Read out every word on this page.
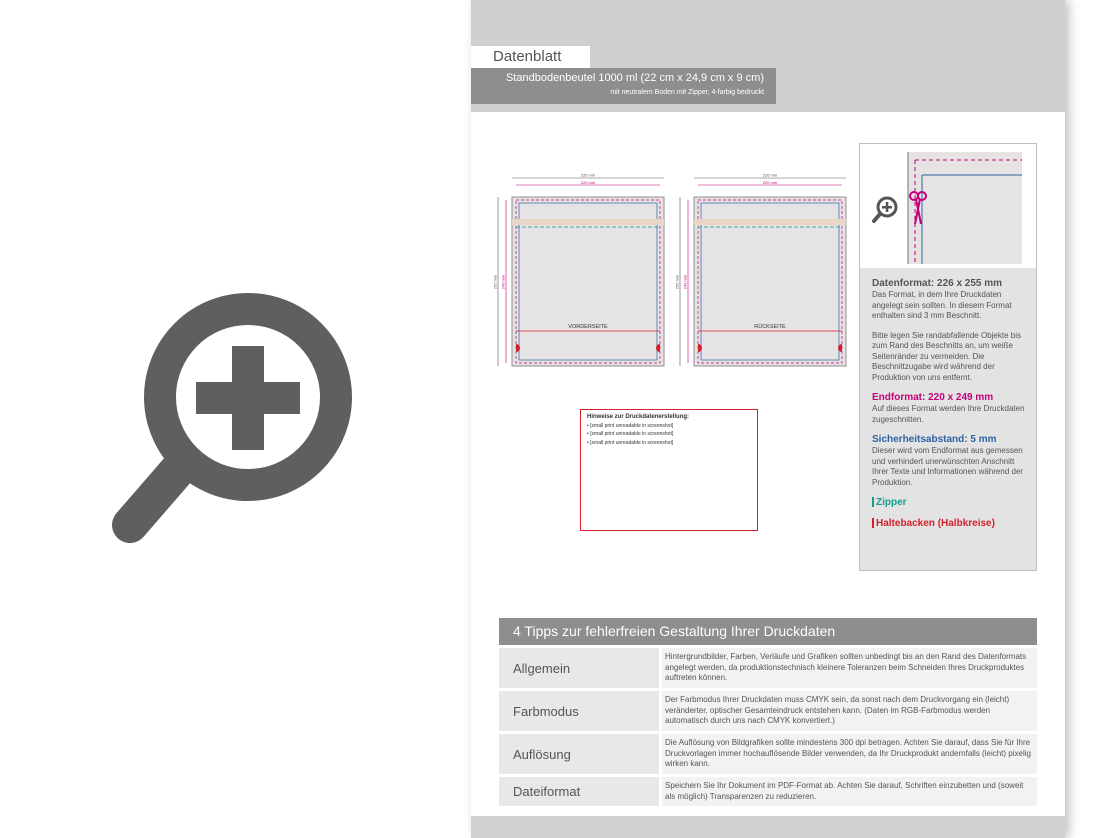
Datenblatt
Standbodenbeutel 1000 ml (22 cm x 24,9 cm x 9 cm)
mit neutralem Boden mit Zipper, 4-farbig bedruckt
226 mm
220 mm
255 mm 249 mm
VORDERSEITE
226 mm
220 mm
255 mm 249 mm
RÜCKSEITE
Hinweise zur Druckdatenerstellung:

• [small print unreadable in screenshot]

• [small print unreadable in screenshot]

• [small print unreadable in screenshot]

Datenformat: 226 x 255 mm
Das Format, in dem Ihre Druckdaten angelegt sein sollten. In diesem Format enthalten sind 3 mm Beschnitt.
Bitte legen Sie randabfallende Objekte bis zum Rand des Beschnitts an, um weiße Seitenränder zu vermeiden. Die Beschnittzugabe wird während der Produktion von uns entfernt.
Endformat: 220 x 249 mm
Auf dieses Format werden Ihre Druckdaten zugeschnitten.
Sicherheitsabstand: 5 mm
Dieser wird vom Endformat aus gemessen und verhindert unerwünschten Anschnitt Ihrer Texte und Informationen während der Produktion.
Zipper
Haltebacken (Halbkreise)
4 Tipps zur fehlerfreien Gestaltung Ihrer Druckdaten
Allgemein
Hintergrundbilder, Farben, Verläufe und Grafiken sollten unbedingt bis an den Rand des Datenformats angelegt werden, da produktionstechnisch kleinere Toleranzen beim Schneiden Ihres Druckproduktes auftreten können.
Farbmodus
Der Farbmodus Ihrer Druckdaten muss CMYK sein, da sonst nach dem Druckvorgang ein (leicht) veränderter, optischer Gesamteindruck entstehen kann. (Daten im RGB-Farbmodus werden automatisch durch uns nach CMYK konvertiert.)
Auflösung
Die Auflösung von Bildgrafiken sollte mindestens 300 dpi betragen. Achten Sie darauf, dass Sie für Ihre Druckvorlagen immer hochauflösende Bilder verwenden, da Ihr Druckprodukt andernfalls (leicht) pixelig wirken kann.
Dateiformat	Speichern Sie Ihr Dokument im PDF-Format ab. Achten Sie darauf, Schriften einzubetten und (soweit als möglich) Transparenzen zu reduzieren.
